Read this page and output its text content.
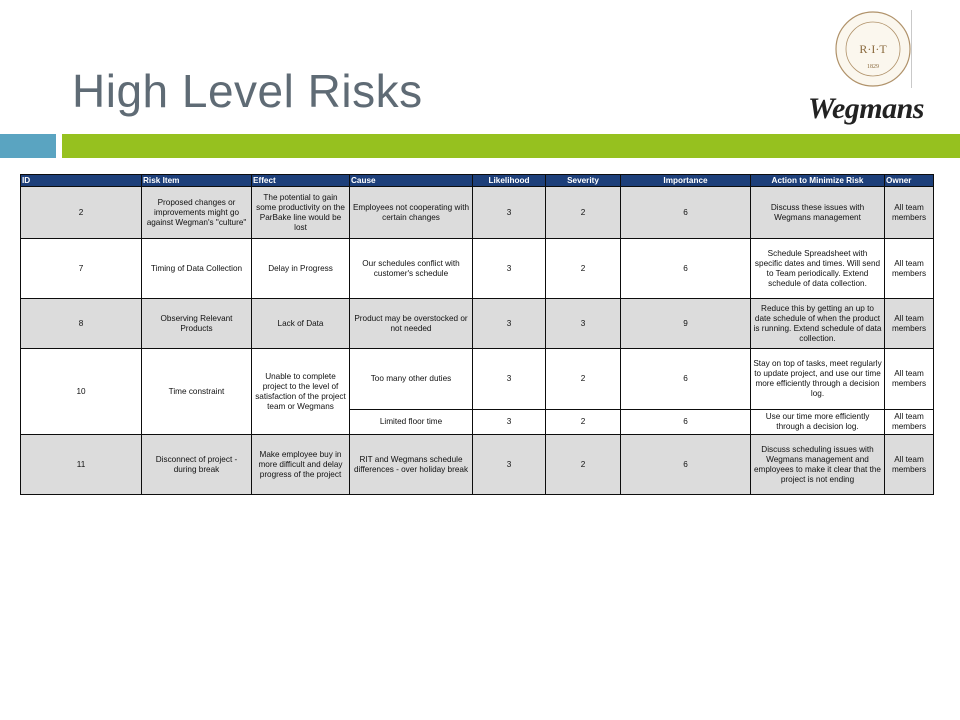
High Level Risks
R·I·T
1829
Wegmans
ID	Risk Item	Effect	Cause	Likelihood	Severity	Importance	Action to Minimize Risk	Owner
2	Proposed changes or improvements might go against Wegman's "culture"	The potential to gain some productivity on the ParBake line would be lost	Employees not cooperating with certain changes	3	2	6	Discuss these issues with Wegmans management	All team members
7	Timing of Data Collection	Delay in Progress	Our schedules conflict with customer's schedule	3	2	6	Schedule Spreadsheet with specific dates and times. Will send to Team periodically. Extend schedule of data collection.	All team members
8	Observing Relevant Products	Lack of Data	Product may be overstocked or not needed	3	3	9	Reduce this by getting an up to date schedule of when the product is running. Extend schedule of data collection.	All team members
10	Time constraint	Unable to complete project to the level of satisfaction of the project team or Wegmans	Too many other duties	3	2	6	Stay on top of tasks, meet regularly to update project, and use our time more efficiently through a decision log.	All team members
			Limited floor time	3	2	6	Use our time more efficiently through a decision log.	All team members
11	Disconnect of project - during break	Make employee buy in more difficult and delay progress of the project	RIT and Wegmans schedule differences - over holiday break	3	2	6	Discuss scheduling issues with Wegmans management and employees to make it clear that the project is not ending	All team members
